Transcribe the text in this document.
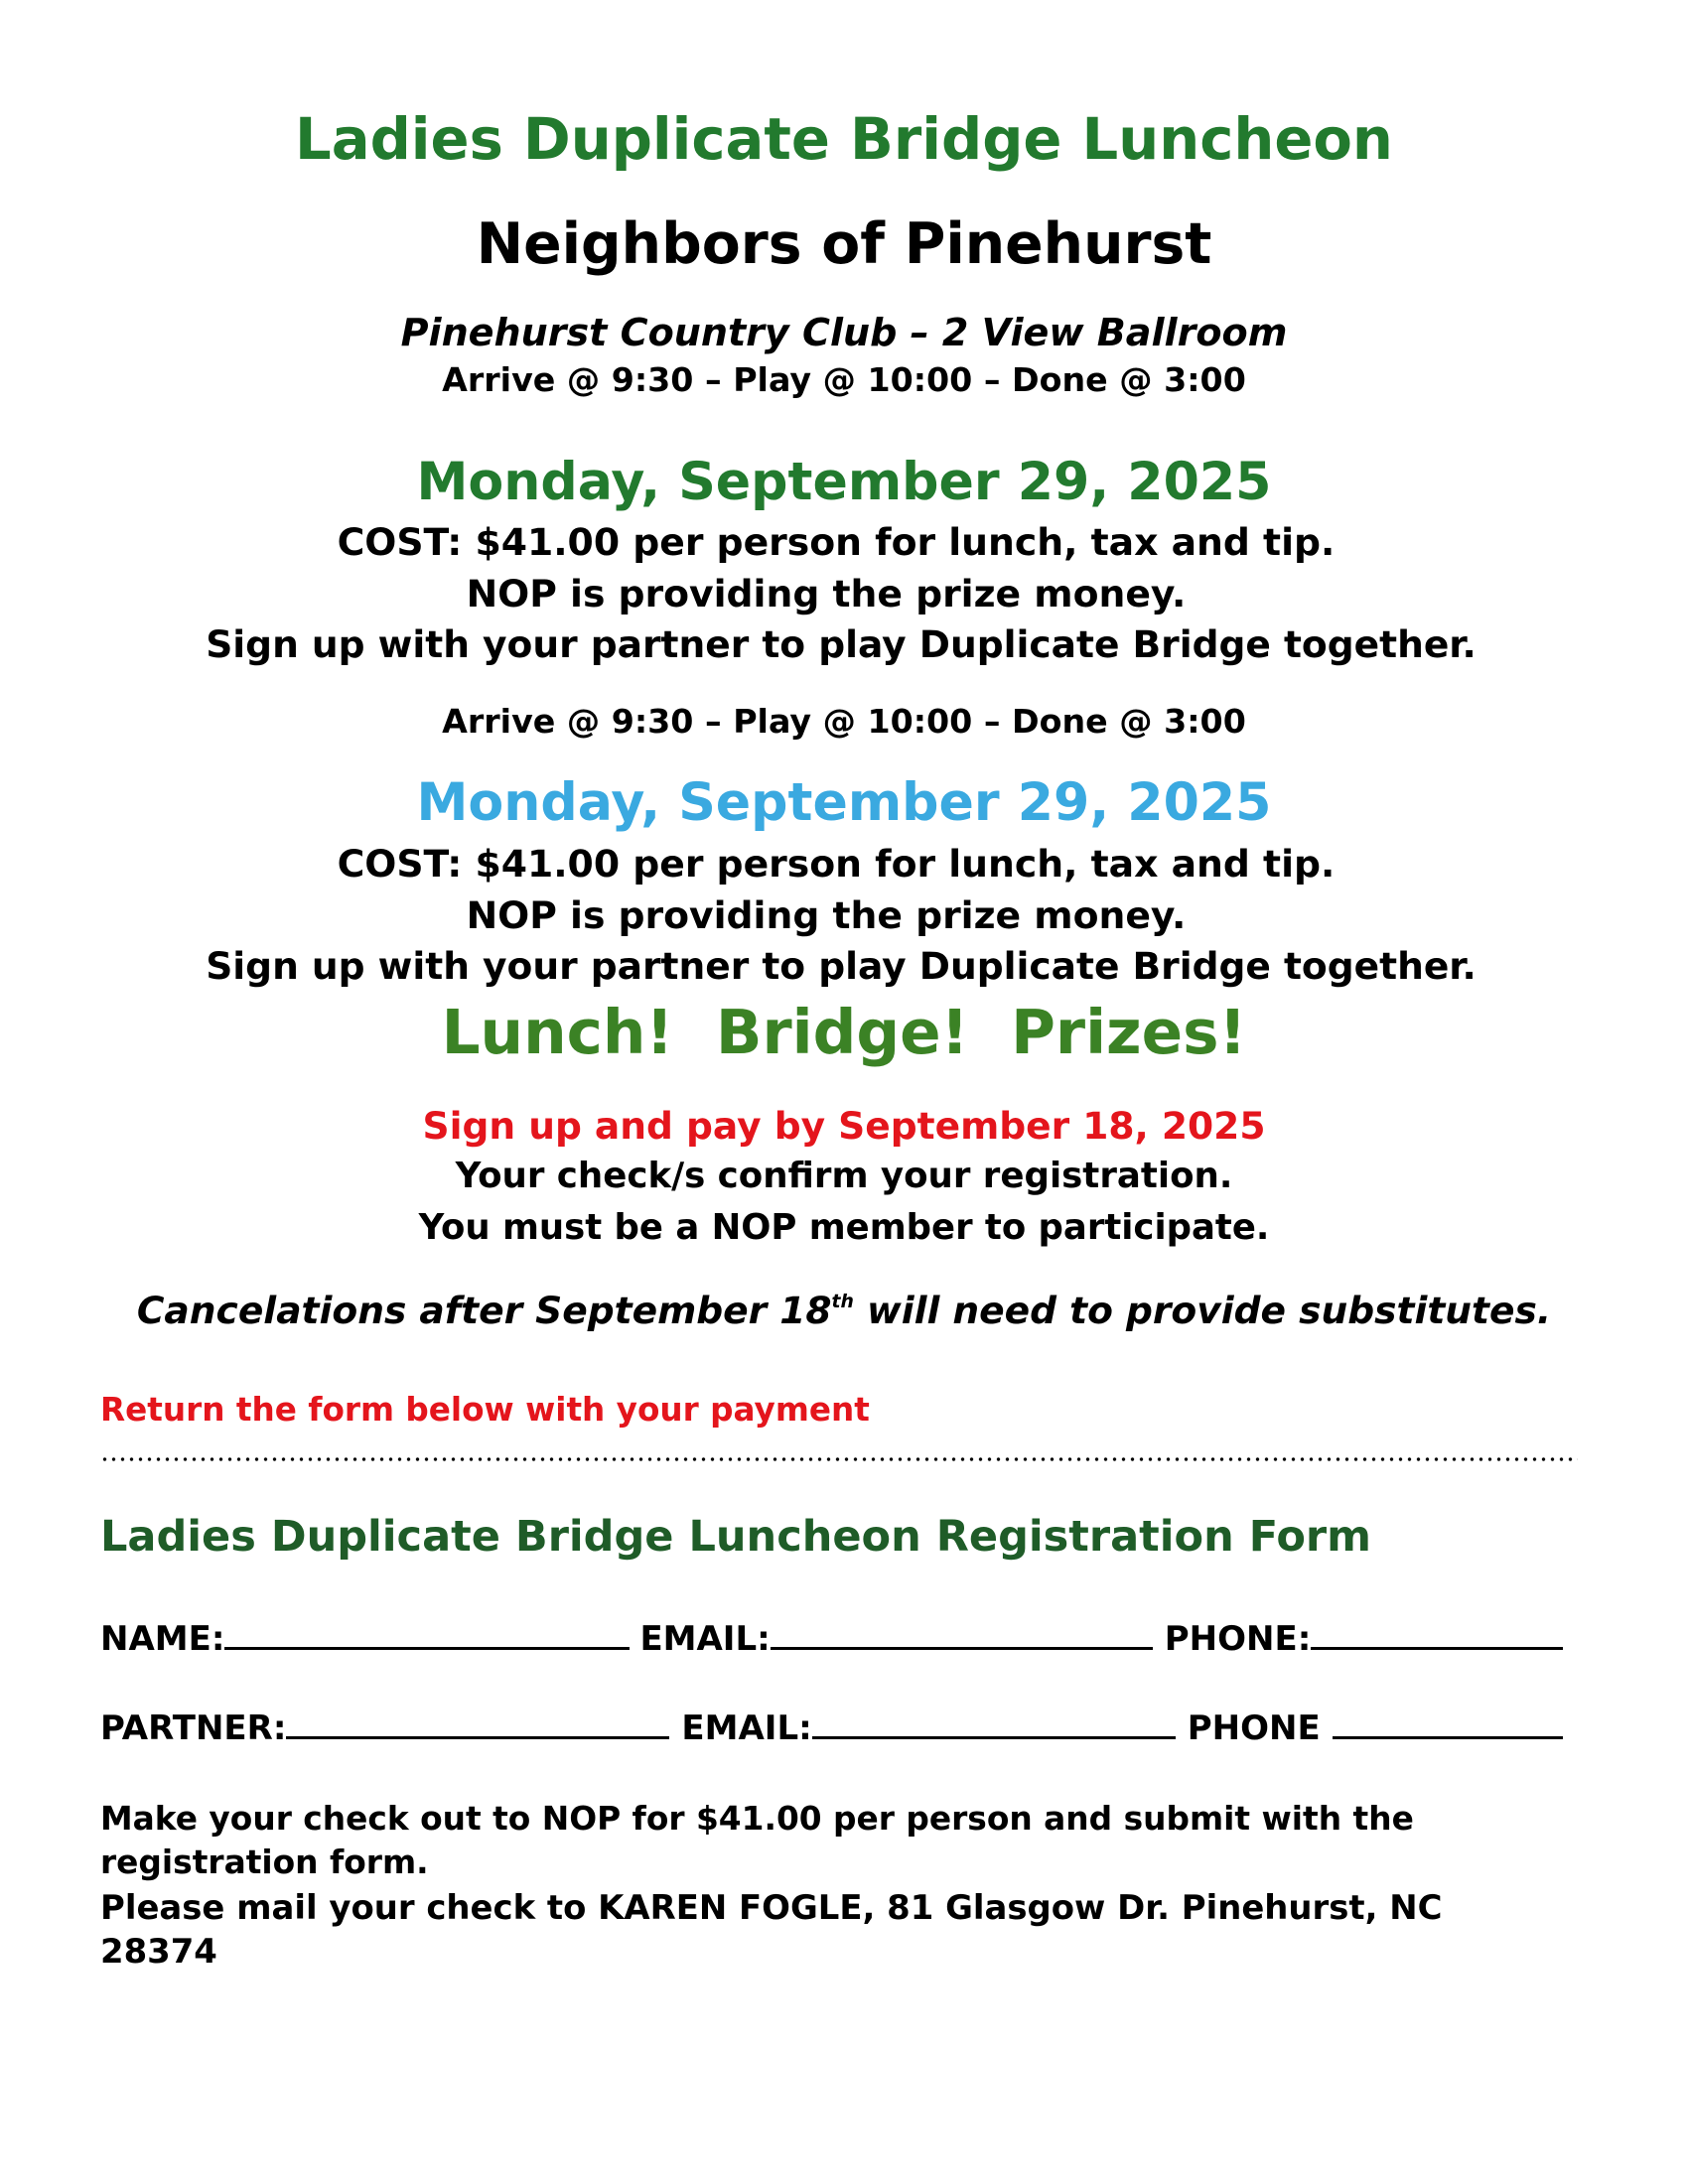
Ladies Duplicate Bridge Luncheon
Neighbors of Pinehurst
Pinehurst Country Club – 2 View Ballroom
Arrive @ 9:30 – Play @ 10:00 – Done @ 3:00
Monday, September 29, 2025
COST: $41.00 per person for lunch, tax and tip.
NOP is providing the prize money.
Sign up with your partner to play Duplicate Bridge together.
Arrive @ 9:30 – Play @ 10:00 – Done @ 3:00
Monday, September 29, 2025
COST: $41.00 per person for lunch, tax and tip.
NOP is providing the prize money.
Sign up with your partner to play Duplicate Bridge together.
Lunch!  Bridge!  Prizes!
Sign up and pay by September 18, 2025
Your check/s confirm your registration.
You must be a NOP member to participate.
Cancelations after September 18th will need to provide substitutes.
Return the form below with your payment
Ladies Duplicate Bridge Luncheon Registration Form
NAME:	EMAIL:	PHONE:
PARTNER:	EMAIL:	PHONE
Make your check out to NOP for $41.00 per person and submit with the
registration form.
Please mail your check to KAREN FOGLE, 81 Glasgow Dr. Pinehurst, NC
28374
